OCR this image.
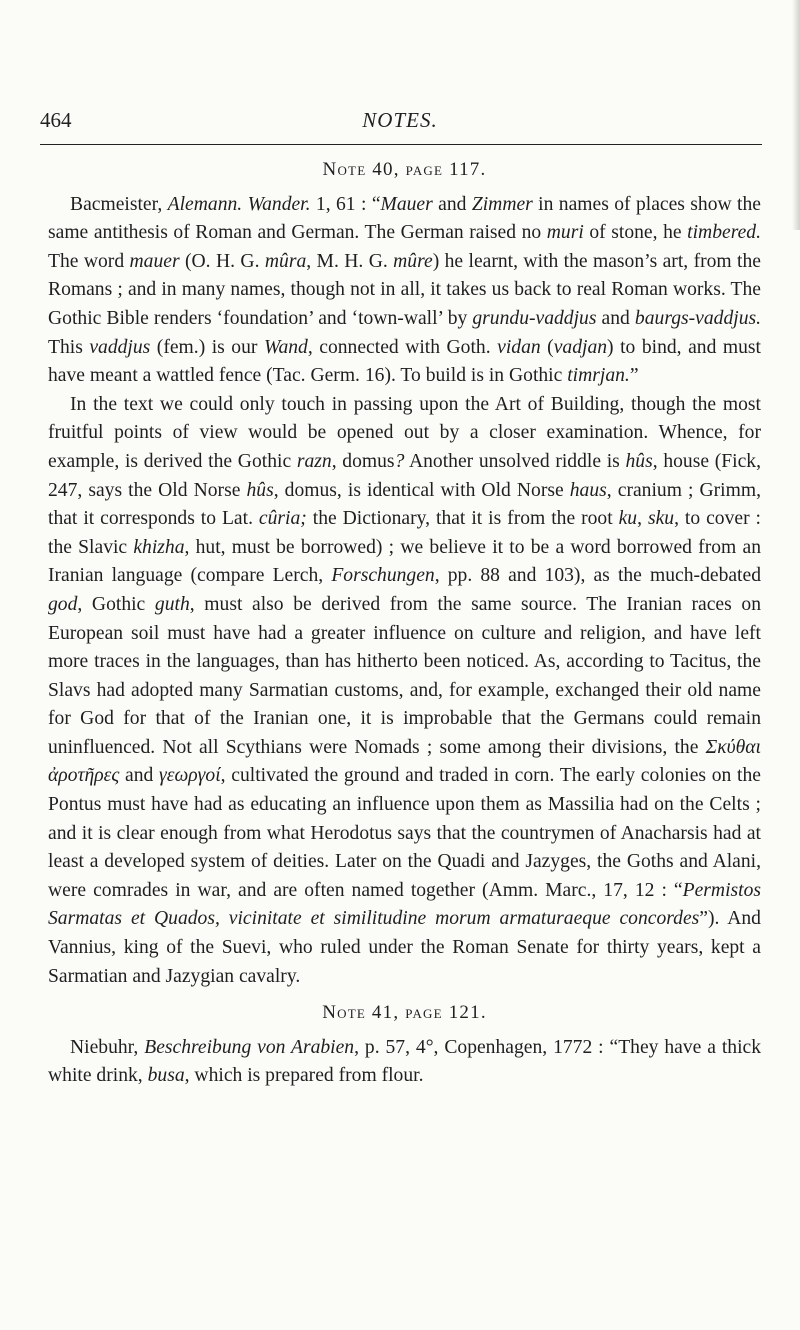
464	NOTES.
Note 40, page 117.

Bacmeister, Alemann. Wander. 1, 61 : “Mauer and Zimmer in names of places show the same antithesis of Roman and German. The German raised no muri of stone, he timbered. The word mauer (O. H. G. mûra, M. H. G. mûre) he learnt, with the mason’s art, from the Romans ; and in many names, though not in all, it takes us back to real Roman works. The Gothic Bible renders ‘foundation’ and ‘town-wall’ by grundu-vaddjus and baurgs-vaddjus. This vaddjus (fem.) is our Wand, connected with Goth. vidan (vadjan) to bind, and must have meant a wattled fence (Tac. Germ. 16). To build is in Gothic timrjan.”

In the text we could only touch in passing upon the Art of Building, though the most fruitful points of view would be opened out by a closer examination. Whence, for example, is derived the Gothic razn, domus? Another unsolved riddle is hûs, house (Fick, 247, says the Old Norse hûs, domus, is identical with Old Norse haus, cranium ; Grimm, that it corresponds to Lat. cûria; the Dictionary, that it is from the root ku, sku, to cover : the Slavic khizha, hut, must be borrowed) ; we believe it to be a word borrowed from an Iranian language (compare Lerch, Forschungen, pp. 88 and 103), as the much-debated god, Gothic guth, must also be derived from the same source. The Iranian races on European soil must have had a greater influence on culture and religion, and have left more traces in the languages, than has hitherto been noticed. As, according to Tacitus, the Slavs had adopted many Sarmatian customs, and, for example, exchanged their old name for God for that of the Iranian one, it is improbable that the Germans could remain uninfluenced. Not all Scythians were Nomads ; some among their divisions, the Σκύθαι ἀροτῆρες and γεωργοί, cultivated the ground and traded in corn. The early colonies on the Pontus must have had as educating an influence upon them as Massilia had on the Celts ; and it is clear enough from what Herodotus says that the countrymen of Anacharsis had at least a developed system of deities. Later on the Quadi and Jazyges, the Goths and Alani, were comrades in war, and are often named together (Amm. Marc., 17, 12 : “Permistos Sarmatas et Quados, vicinitate et similitudine morum armaturaeque concordes”). And Vannius, king of the Suevi, who ruled under the Roman Senate for thirty years, kept a Sarmatian and Jazygian cavalry.

Note 41, page 121.

Niebuhr, Beschreibung von Arabien, p. 57, 4°, Copenhagen, 1772 : “They have a thick white drink, busa, which is prepared from flour.
